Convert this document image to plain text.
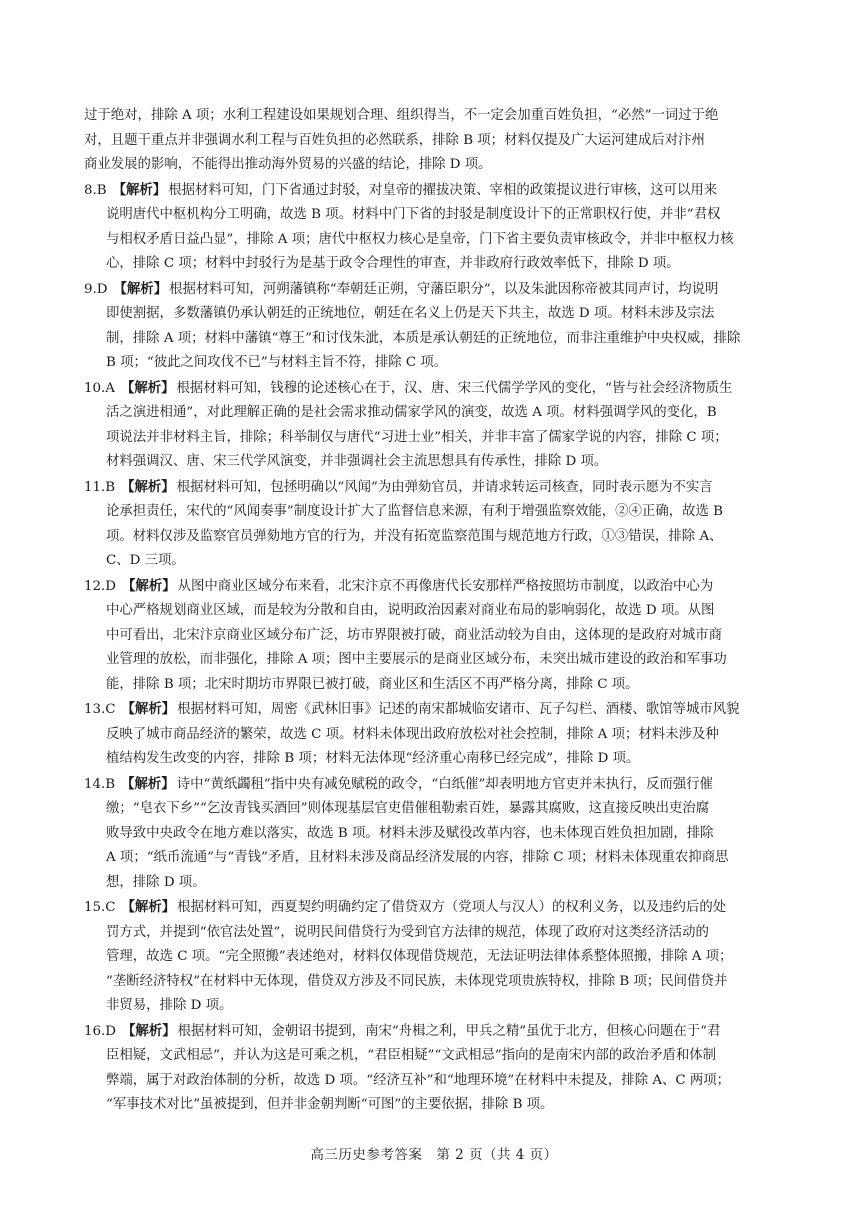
过于绝对，排除 A 项；水利工程建设如果规划合理、组织得当，不一定会加重百姓负担，“必然”一词过于绝
对，且题干重点并非强调水利工程与百姓负担的必然联系，排除 B 项；材料仅提及广大运河建成后对汴州
商业发展的影响，不能得出推动海外贸易的兴盛的结论，排除 D 项。
8.B 【解析】 根据材料可知，门下省通过封驳，对皇帝的擢拔决策、宰相的政策提议进行审核，这可以用来
说明唐代中枢机构分工明确，故选 B 项。材料中门下省的封驳是制度设计下的正常职权行使，并非“君权
与相权矛盾日益凸显”，排除 A 项；唐代中枢权力核心是皇帝，门下省主要负责审核政令，并非中枢权力核
心，排除 C 项；材料中封驳行为是基于政令合理性的审查，并非政府行政效率低下，排除 D 项。
9.D 【解析】 根据材料可知，河朔藩镇称“奉朝廷正朔，守藩臣职分”，以及朱泚因称帝被其同声讨，均说明
即使割据，多数藩镇仍承认朝廷的正统地位，朝廷在名义上仍是天下共主，故选 D 项。材料未涉及宗法
制，排除 A 项；材料中藩镇“尊王”和讨伐朱泚，本质是承认朝廷的正统地位，而非注重维护中央权威，排除
B 项；“彼此之间攻伐不已”与材料主旨不符，排除 C 项。
10.A 【解析】 根据材料可知，钱穆的论述核心在于，汉、唐、宋三代儒学学风的变化，“皆与社会经济物质生
活之演进相通”，对此理解正确的是社会需求推动儒家学风的演变，故选 A 项。材料强调学风的变化，B
项说法并非材料主旨，排除；科举制仅与唐代“习进士业”相关，并非丰富了儒家学说的内容，排除 C 项；
材料强调汉、唐、宋三代学风演变，并非强调社会主流思想具有传承性，排除 D 项。
11.B 【解析】 根据材料可知，包拯明确以“风闻”为由弹劾官员，并请求转运司核查，同时表示愿为不实言
论承担责任，宋代的“风闻奏事”制度设计扩大了监督信息来源，有利于增强监察效能，②④正确，故选 B
项。材料仅涉及监察官员弹劾地方官的行为，并没有拓宽监察范围与规范地方行政，①③错误，排除 A、
C、D 三项。
12.D 【解析】 从图中商业区域分布来看，北宋汴京不再像唐代长安那样严格按照坊市制度，以政治中心为
中心严格规划商业区域，而是较为分散和自由，说明政治因素对商业布局的影响弱化，故选 D 项。从图
中可看出，北宋汴京商业区域分布广泛，坊市界限被打破，商业活动较为自由，这体现的是政府对城市商
业管理的放松，而非强化，排除 A 项；图中主要展示的是商业区域分布，未突出城市建设的政治和军事功
能，排除 B 项；北宋时期坊市界限已被打破，商业区和生活区不再严格分离，排除 C 项。
13.C 【解析】 根据材料可知，周密《武林旧事》记述的南宋都城临安诸市、瓦子勾栏、酒楼、歌馆等城市风貌
反映了城市商品经济的繁荣，故选 C 项。材料未体现出政府放松对社会控制，排除 A 项；材料未涉及种
植结构发生改变的内容，排除 B 项；材料无法体现“经济重心南移已经完成”，排除 D 项。
14.B 【解析】 诗中“黄纸蠲租”指中央有减免赋税的政令，“白纸催”却表明地方官吏并未执行，反而强行催
缴；“皂衣下乡”“乞汝青钱买酒回”则体现基层官吏借催租勒索百姓，暴露其腐败，这直接反映出吏治腐
败导致中央政令在地方难以落实，故选 B 项。材料未涉及赋役改革内容，也未体现百姓负担加剧，排除
A 项；“纸币流通”与“青钱”矛盾，且材料未涉及商品经济发展的内容，排除 C 项；材料未体现重农抑商思
想，排除 D 项。
15.C 【解析】 根据材料可知，西夏契约明确约定了借贷双方（党项人与汉人）的权利义务，以及违约后的处
罚方式，并提到“依官法处置”，说明民间借贷行为受到官方法律的规范，体现了政府对这类经济活动的
管理，故选 C 项。“完全照搬”表述绝对，材料仅体现借贷规范，无法证明法律体系整体照搬，排除 A 项；
“垄断经济特权”在材料中无体现，借贷双方涉及不同民族，未体现党项贵族特权，排除 B 项；民间借贷并
非贸易，排除 D 项。
16.D 【解析】 根据材料可知，金朝诏书提到，南宋“舟楫之利，甲兵之精”虽优于北方，但核心问题在于“君
臣相疑，文武相忌”，并认为这是可乘之机，“君臣相疑”“文武相忌”指向的是南宋内部的政治矛盾和体制
弊端，属于对政治体制的分析，故选 D 项。“经济互补”和“地理环境”在材料中未提及，排除 A、C 两项；
“军事技术对比”虽被提到，但并非金朝判断“可图”的主要依据，排除 B 项。
高三历史参考答案　第 2 页（共 4 页）
